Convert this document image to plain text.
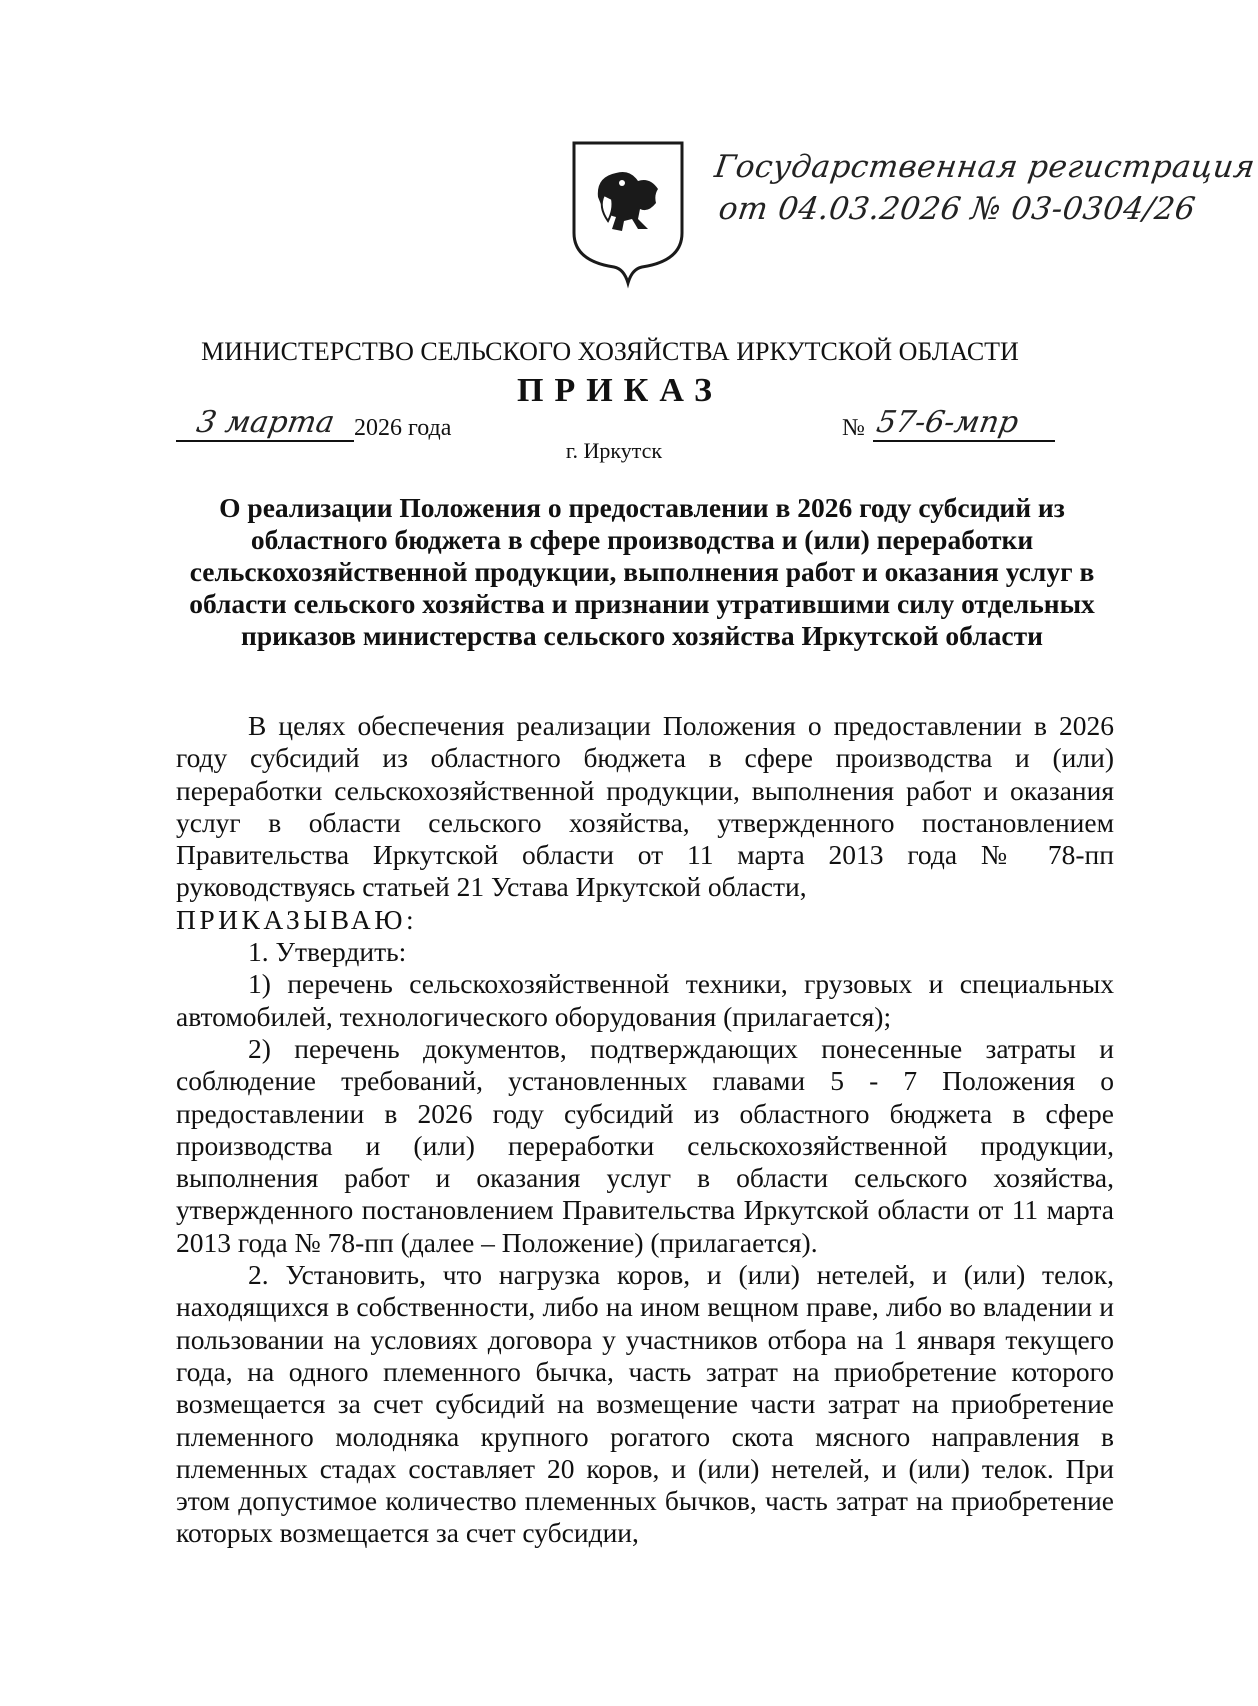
Государственная регистрация
от 04.03.2026 № 03-0304/26
МИНИСТЕРСТВО СЕЛЬСКОГО ХОЗЯЙСТВА ИРКУТСКОЙ ОБЛАСТИ
ПРИКАЗ
3 марта 2026 года	№ 57-6-мпр
г. Иркутск
О реализации Положения о предоставлении в 2026 году субсидий из областного бюджета в сфере производства и (или) переработки сельскохозяйственной продукции, выполнения работ и оказания услуг в области сельского хозяйства и признании утратившими силу отдельных приказов министерства сельского хозяйства Иркутской области

В целях обеспечения реализации Положения о предоставлении в 2026 году субсидий из областного бюджета в сфере производства и (или) переработки сельскохозяйственной продукции, выполнения работ и оказания услуг в области сельского хозяйства, утвержденного постановлением Правительства Иркутской области от 11 марта 2013 года № 78-пп руководствуясь статьей 21 Устава Иркутской области,

ПРИКАЗЫВАЮ:

1. Утвердить:

1) перечень сельскохозяйственной техники, грузовых и специальных автомобилей, технологического оборудования (прилагается);

2) перечень документов, подтверждающих понесенные затраты и соблюдение требований, установленных главами 5 - 7 Положения о предоставлении в 2026 году субсидий из областного бюджета в сфере производства и (или) переработки сельскохозяйственной продукции, выполнения работ и оказания услуг в области сельского хозяйства, утвержденного постановлением Правительства Иркутской области от 11 марта 2013 года № 78-пп (далее – Положение) (прилагается).

2. Установить, что нагрузка коров, и (или) нетелей, и (или) телок, находящихся в собственности, либо на ином вещном праве, либо во владении и пользовании на условиях договора у участников отбора на 1 января текущего года, на одного племенного бычка, часть затрат на приобретение которого возмещается за счет субсидий на возмещение части затрат на приобретение племенного молодняка крупного рогатого скота мясного направления в племенных стадах составляет 20 коров, и (или) нетелей, и (или) телок. При этом допустимое количество племенных бычков, часть затрат на приобретение которых возмещается за счет субсидии,
